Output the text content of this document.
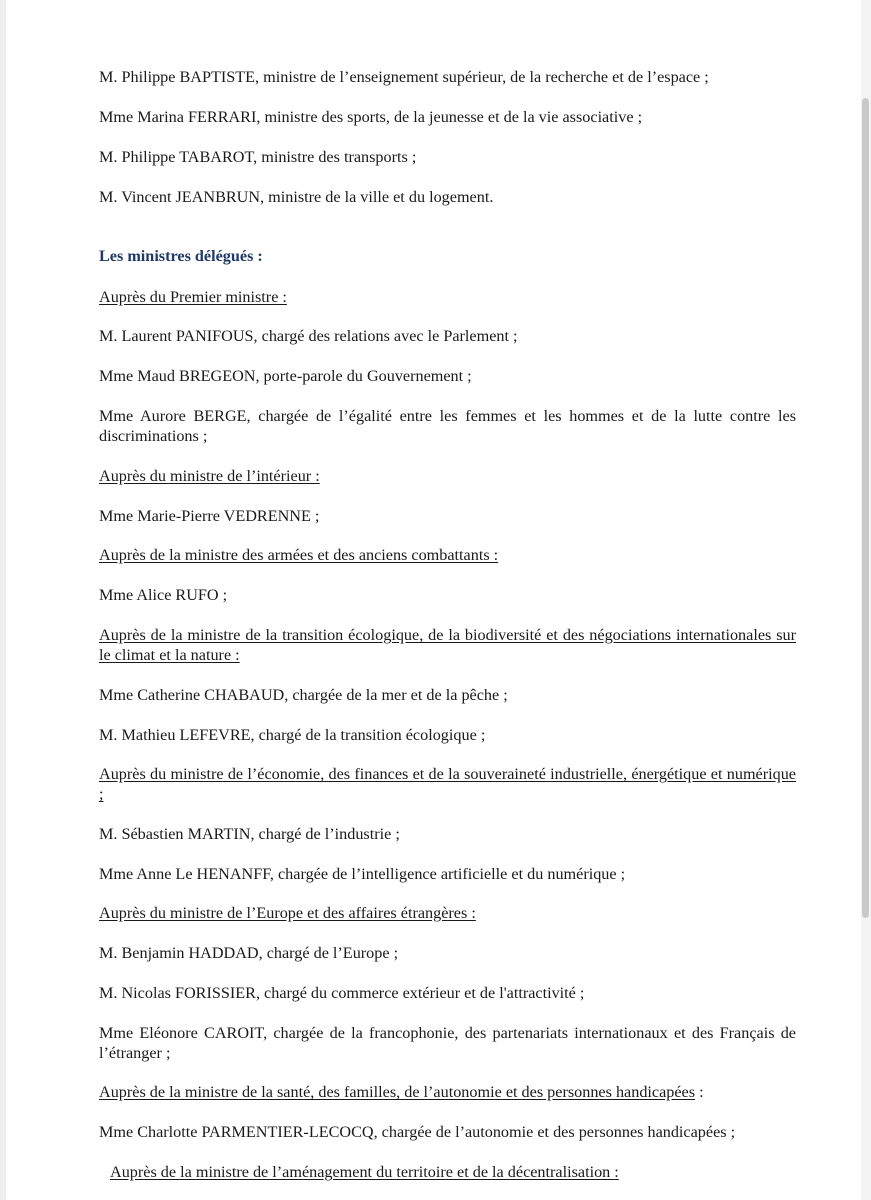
M. Philippe BAPTISTE, ministre de l’enseignement supérieur, de la recherche et de l’espace ;
Mme Marina FERRARI, ministre des sports, de la jeunesse et de la vie associative ;
M. Philippe TABAROT, ministre des transports ;
M. Vincent JEANBRUN, ministre de la ville et du logement.
Les ministres délégués :
Auprès du Premier ministre :
M. Laurent PANIFOUS, chargé des relations avec le Parlement ;
Mme Maud BREGEON, porte-parole du Gouvernement ;
Mme Aurore BERGE, chargée de l’égalité entre les femmes et les hommes et de la lutte contre les discriminations ;
Auprès du ministre de l’intérieur :
Mme Marie-Pierre VEDRENNE ;
Auprès de la ministre des armées et des anciens combattants :
Mme Alice RUFO ;
Auprès de la ministre de la transition écologique, de la biodiversité et des négociations internationales sur le climat et la nature :
Mme Catherine CHABAUD, chargée de la mer et de la pêche ;
M. Mathieu LEFEVRE, chargé de la transition écologique ;
Auprès du ministre de l’économie, des finances et de la souveraineté industrielle, énergétique et numérique ;
M. Sébastien MARTIN, chargé de l’industrie ;
Mme Anne Le HENANFF, chargée de l’intelligence artificielle et du numérique ;
Auprès du ministre de l’Europe et des affaires étrangères :
M. Benjamin HADDAD, chargé de l’Europe ;
M. Nicolas FORISSIER, chargé du commerce extérieur et de l'attractivité ;
Mme Eléonore CAROIT, chargée de la francophonie, des partenariats internationaux et des Français de l’étranger ;
Auprès de la ministre de la santé, des familles, de l’autonomie et des personnes handicapées :
Mme Charlotte PARMENTIER-LECOCQ, chargée de l’autonomie et des personnes handicapées ;
Auprès de la ministre de l’aménagement du territoire et de la décentralisation :
